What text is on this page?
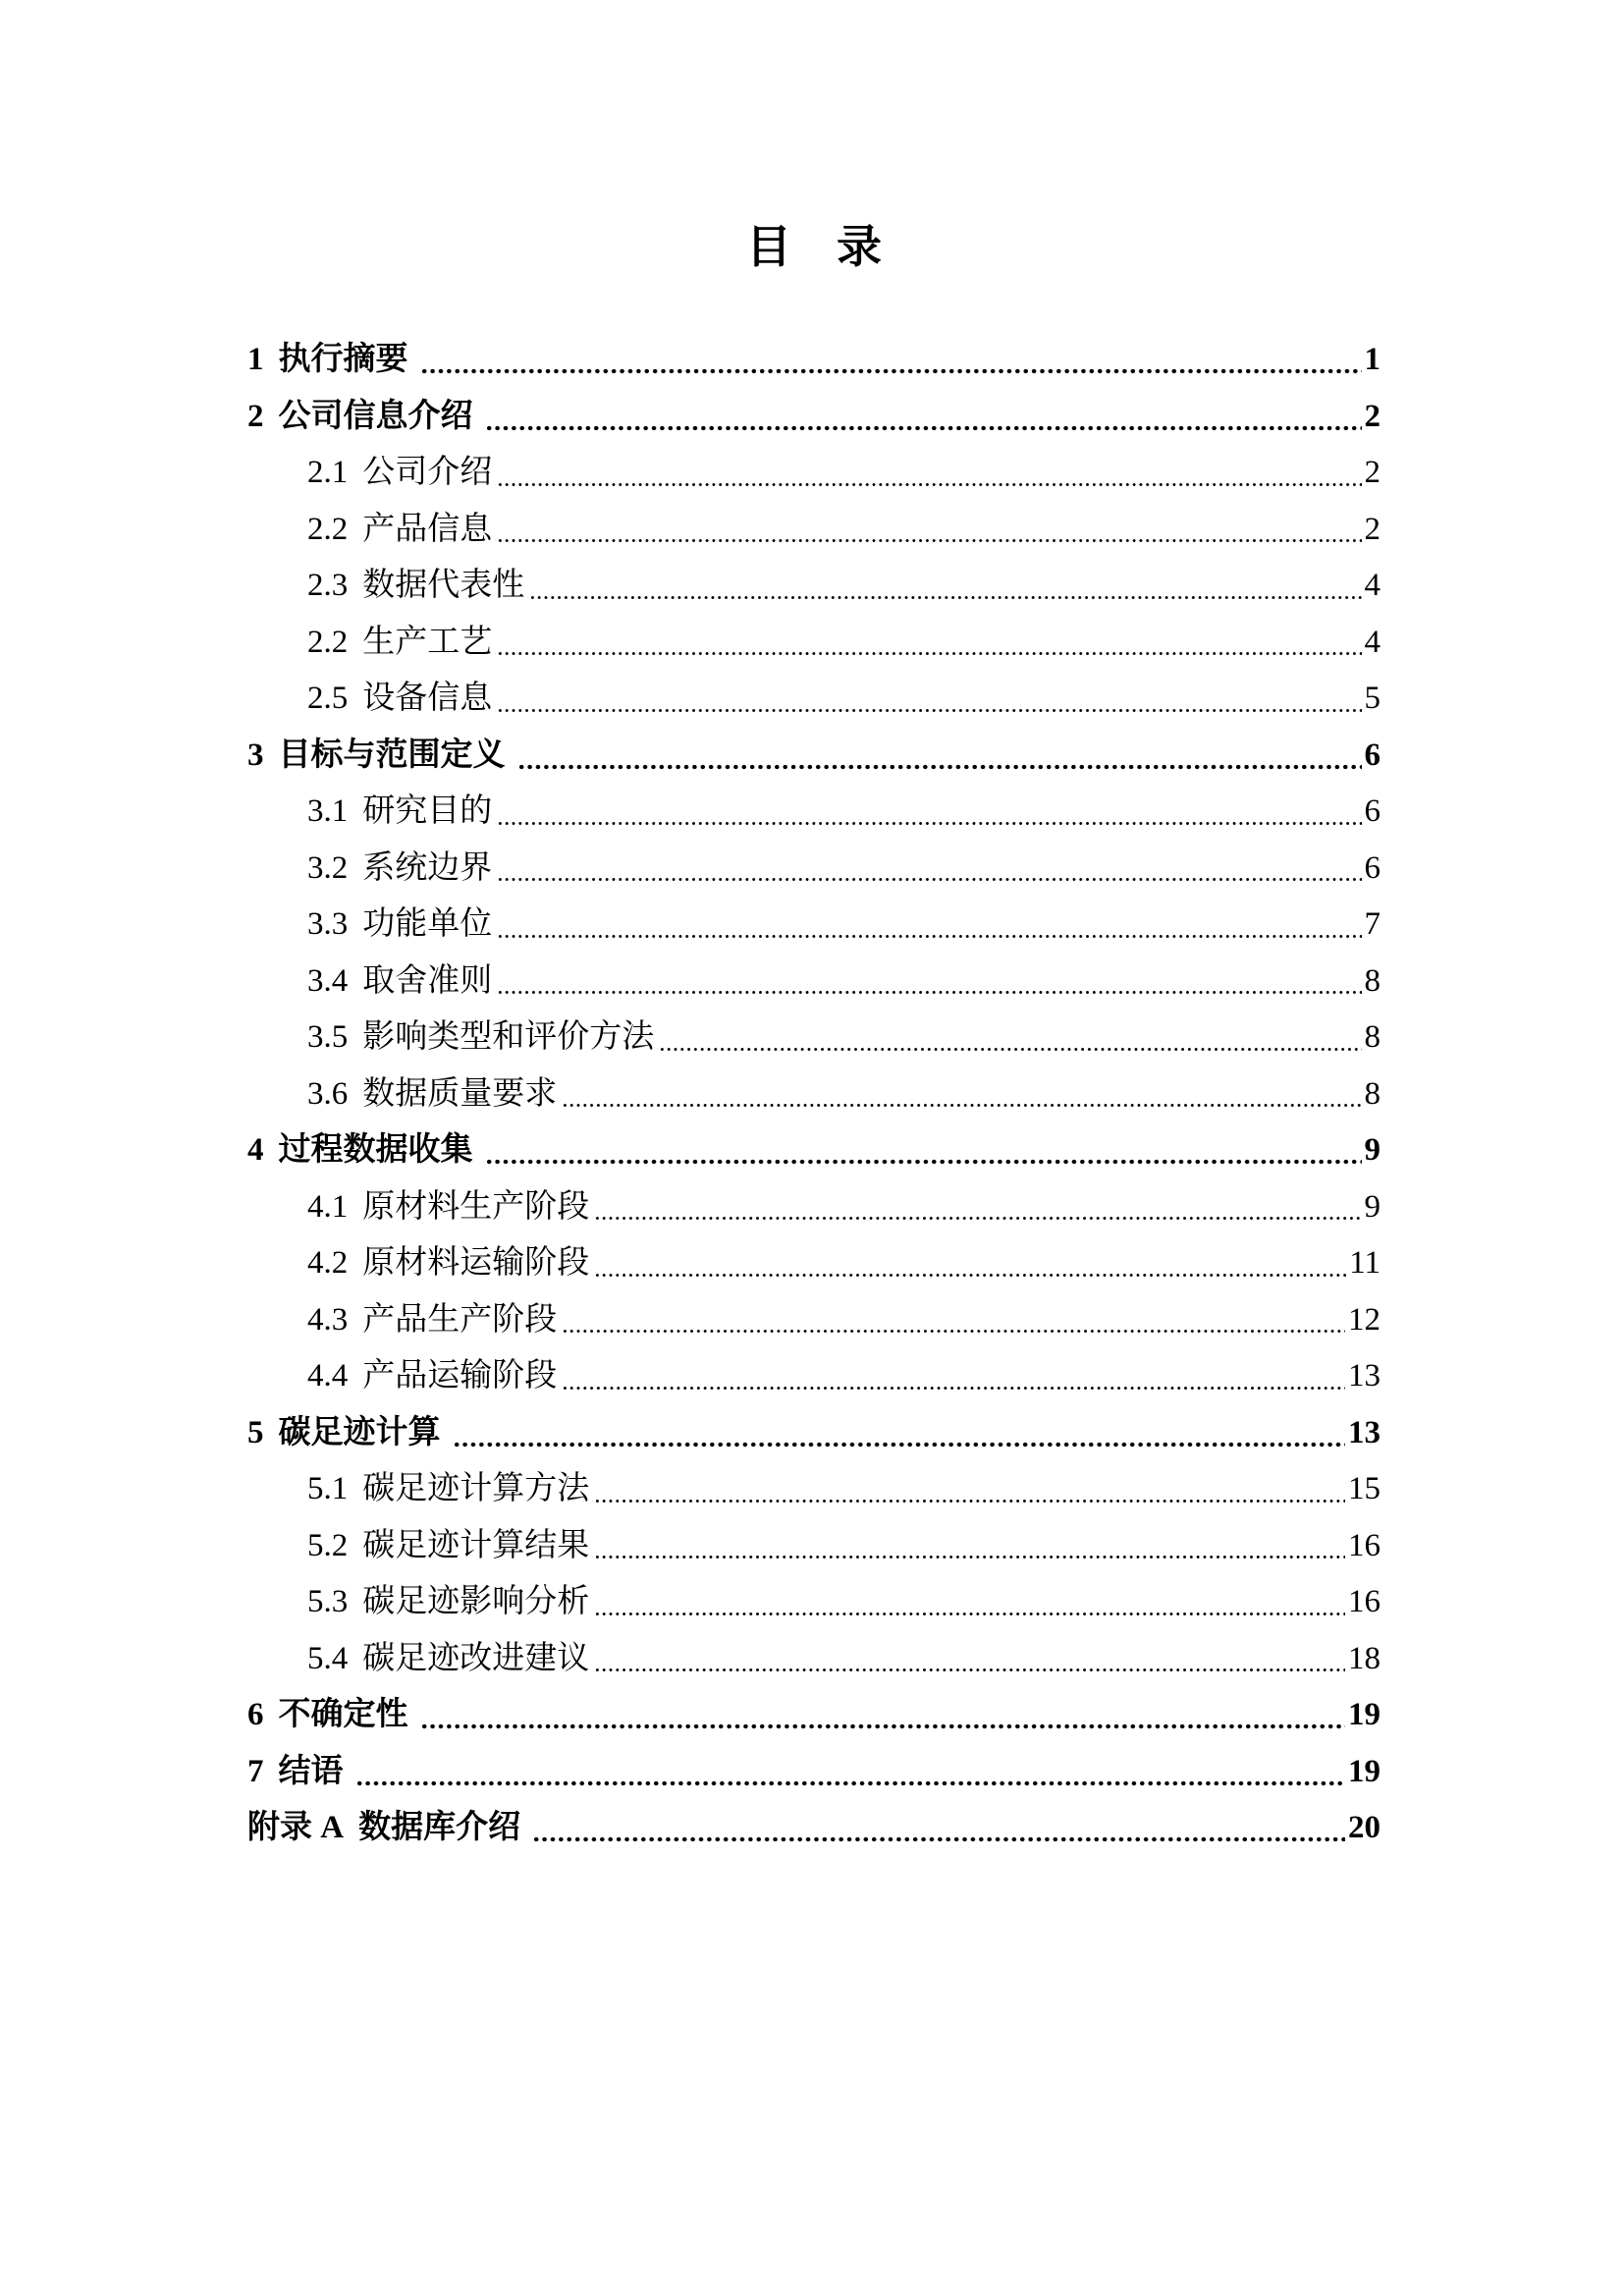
目　录
1 执行摘要	1
2 公司信息介绍	2
2.1 公司介绍	2
2.2 产品信息	2
2.3 数据代表性	4
2.2 生产工艺	4
2.5 设备信息	5
3 目标与范围定义	6
3.1 研究目的	6
3.2 系统边界	6
3.3 功能单位	7
3.4 取舍准则	8
3.5 影响类型和评价方法	8
3.6 数据质量要求	8
4 过程数据收集	9
4.1 原材料生产阶段	9
4.2 原材料运输阶段	11
4.3 产品生产阶段	12
4.4 产品运输阶段	13
5 碳足迹计算	13
5.1 碳足迹计算方法	15
5.2 碳足迹计算结果	16
5.3 碳足迹影响分析	16
5.4 碳足迹改进建议	18
6 不确定性	19
7 结语	19
附录 A 数据库介绍	20
